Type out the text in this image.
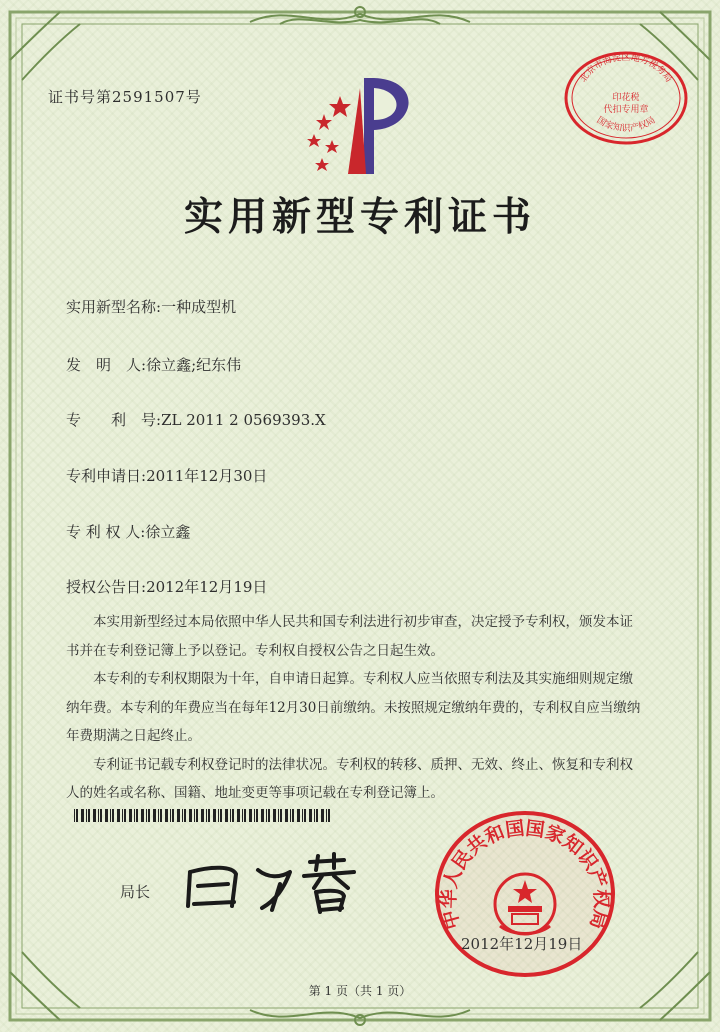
证书号第2591507号
实用新型专利证书
实用新型名称:一种成型机
发　明　人:徐立鑫;纪东伟
专　　利　号:ZL 2011 2 0569393.X
专利申请日:2011年12月30日
专 利 权 人:徐立鑫
授权公告日:2012年12月19日

本实用新型经过本局依照中华人民共和国专利法进行初步审查，决定授予专利权，颁发本证书并在专利登记簿上予以登记。专利权自授权公告之日起生效。

本专利的专利权期限为十年，自申请日起算。专利权人应当依照专利法及其实施细则规定缴纳年费。本专利的年费应当在每年12月30日前缴纳。未按照规定缴纳年费的，专利权自应当缴纳年费期满之日起终止。

专利证书记载专利权登记时的法律状况。专利权的转移、质押、无效、终止、恢复和专利权人的姓名或名称、国籍、地址变更等事项记载在专利登记簿上。

局长
北京市海淀区地方税务局
印花税
代扣专用章
国家知识产权局
中华人民共和国国家知识产权局
2012年12月19日
第 1 页（共 1 页）
